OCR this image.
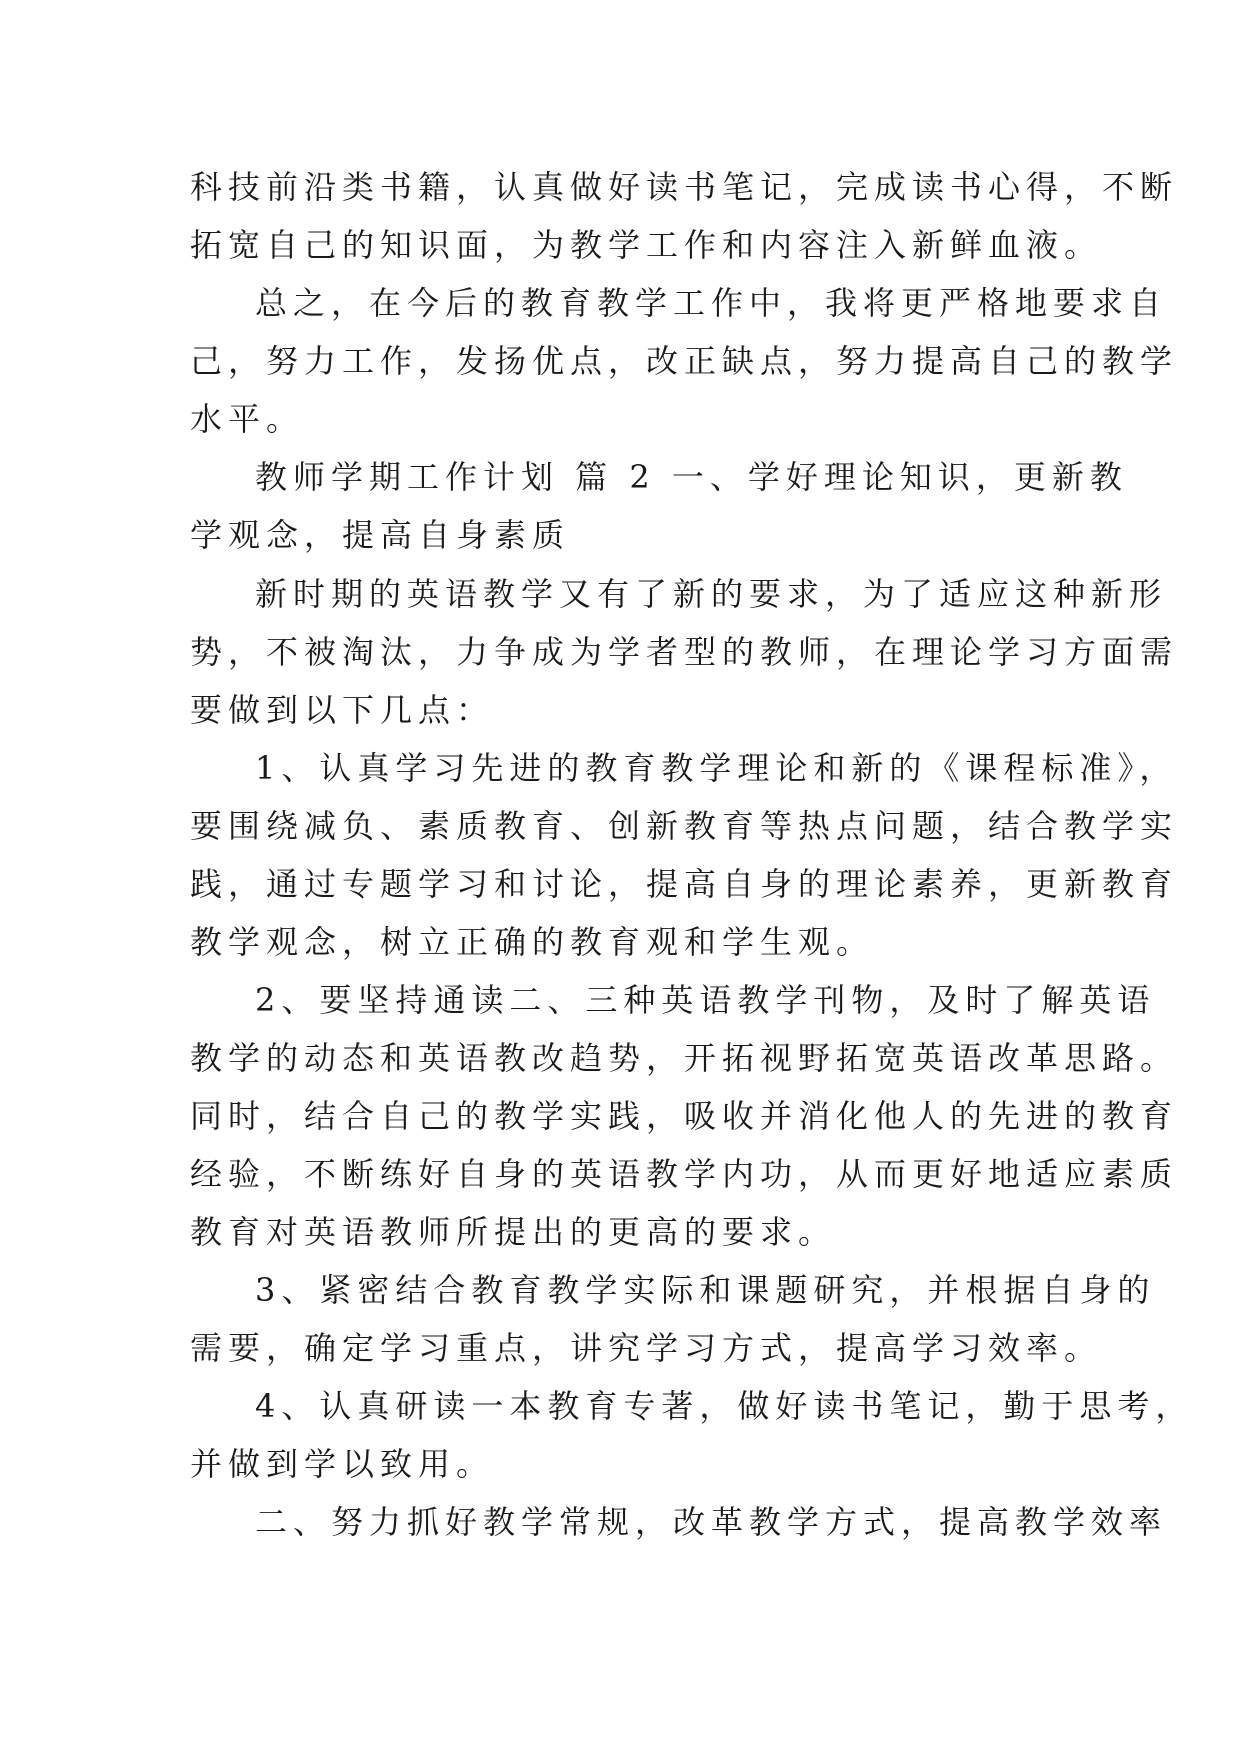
科技前沿类书籍，认真做好读书笔记，完成读书心得，不断
拓宽自己的知识面，为教学工作和内容注入新鲜血液。
总之，在今后的教育教学工作中，我将更严格地要求自
己，努力工作，发扬优点，改正缺点，努力提高自己的教学
水平。
教师学期工作计划 篇 2 一、学好理论知识，更新教
学观念，提高自身素质
新时期的英语教学又有了新的要求，为了适应这种新形
势，不被淘汰，力争成为学者型的教师，在理论学习方面需
要做到以下几点：
1、认真学习先进的教育教学理论和新的《课程标准》，
要围绕减负、素质教育、创新教育等热点问题，结合教学实
践，通过专题学习和讨论，提高自身的理论素养，更新教育
教学观念，树立正确的教育观和学生观。
2、要坚持通读二、三种英语教学刊物，及时了解英语
教学的动态和英语教改趋势，开拓视野拓宽英语改革思路。
同时，结合自己的教学实践，吸收并消化他人的先进的教育
经验，不断练好自身的英语教学内功，从而更好地适应素质
教育对英语教师所提出的更高的要求。
3、紧密结合教育教学实际和课题研究，并根据自身的
需要，确定学习重点，讲究学习方式，提高学习效率。
4、认真研读一本教育专著，做好读书笔记，勤于思考，
并做到学以致用。
二、努力抓好教学常规，改革教学方式，提高教学效率
